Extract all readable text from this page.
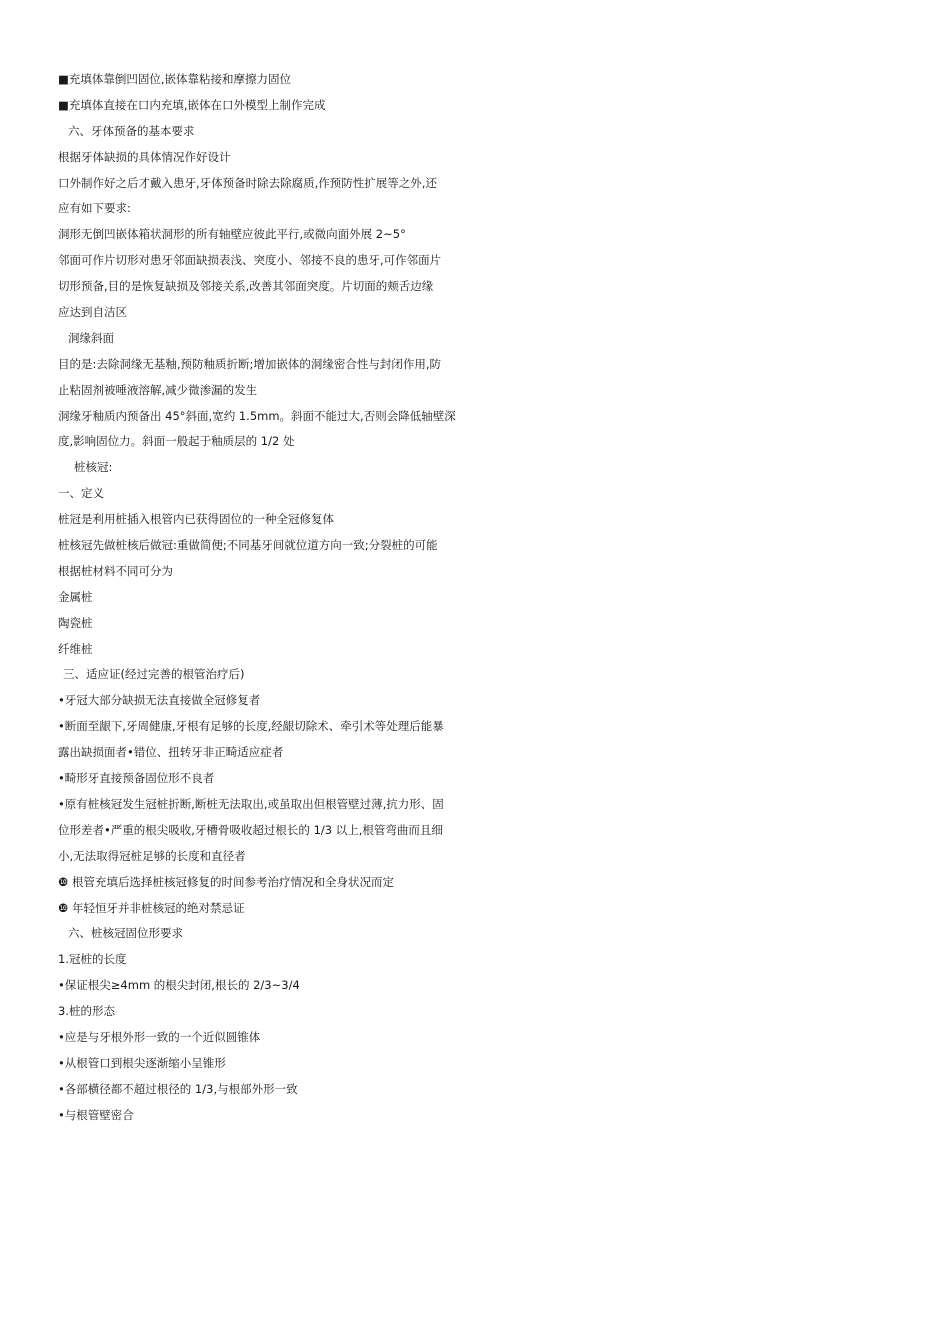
■充填体靠倒凹固位,嵌体靠粘接和摩擦力固位
■充填体直接在口内充填,嵌体在口外模型上制作完成
六、牙体预备的基本要求
根据牙体缺损的具体情况作好设计
口外制作好之后才戴入患牙,牙体预备时除去除腐质,作预防性扩展等之外,还
应有如下要求:
洞形无倒凹嵌体箱状洞形的所有轴壁应彼此平行,或微向面外展 2~5°
邻面可作片切形对患牙邻面缺损表浅、突度小、邻接不良的患牙,可作邻面片
切形预备,目的是恢复缺损及邻接关系,改善其邻面突度。片切面的颊舌边缘
应达到自洁区
洞缘斜面
目的是:去除洞缘无基釉,预防釉质折断;增加嵌体的洞缘密合性与封闭作用,防
止粘固剂被唾液溶解,减少微渗漏的发生
洞缘牙釉质内预备出 45°斜面,宽约 1.5mm。斜面不能过大,否则会降低轴壁深
度,影响固位力。斜面一般起于釉质层的 1/2 处
桩核冠:
一、定义
桩冠是利用桩插入根管内已获得固位的一种全冠修复体
桩核冠先做桩核后做冠:重做简便;不同基牙间就位道方向一致;分裂桩的可能
根据桩材料不同可分为
金属桩
陶瓷桩
纤维桩
三、适应证(经过完善的根管治疗后)
•牙冠大部分缺损无法直接做全冠修复者
•断面至龈下,牙周健康,牙根有足够的长度,经龈切除术、牵引术等处理后能暴
露出缺损面者•错位、扭转牙非正畸适应症者
•畸形牙直接预备固位形不良者
•原有桩核冠发生冠桩折断,断桩无法取出,或虽取出但根管壁过薄,抗力形、固
位形差者•严重的根尖吸收,牙槽骨吸收超过根长的 1/3 以上,根管弯曲而且细
小,无法取得冠桩足够的长度和直径者
❿ 根管充填后选择桩核冠修复的时间参考治疗情况和全身状况而定
❿ 年轻恒牙并非桩核冠的绝对禁忌证
六、桩核冠固位形要求
1.冠桩的长度
•保证根尖≥4mm 的根尖封闭,根长的 2/3~3/4
3.桩的形态
•应是与牙根外形一致的一个近似圆锥体
•从根管口到根尖逐渐缩小呈锥形
•各部横径都不超过根径的 1/3,与根部外形一致
•与根管壁密合
